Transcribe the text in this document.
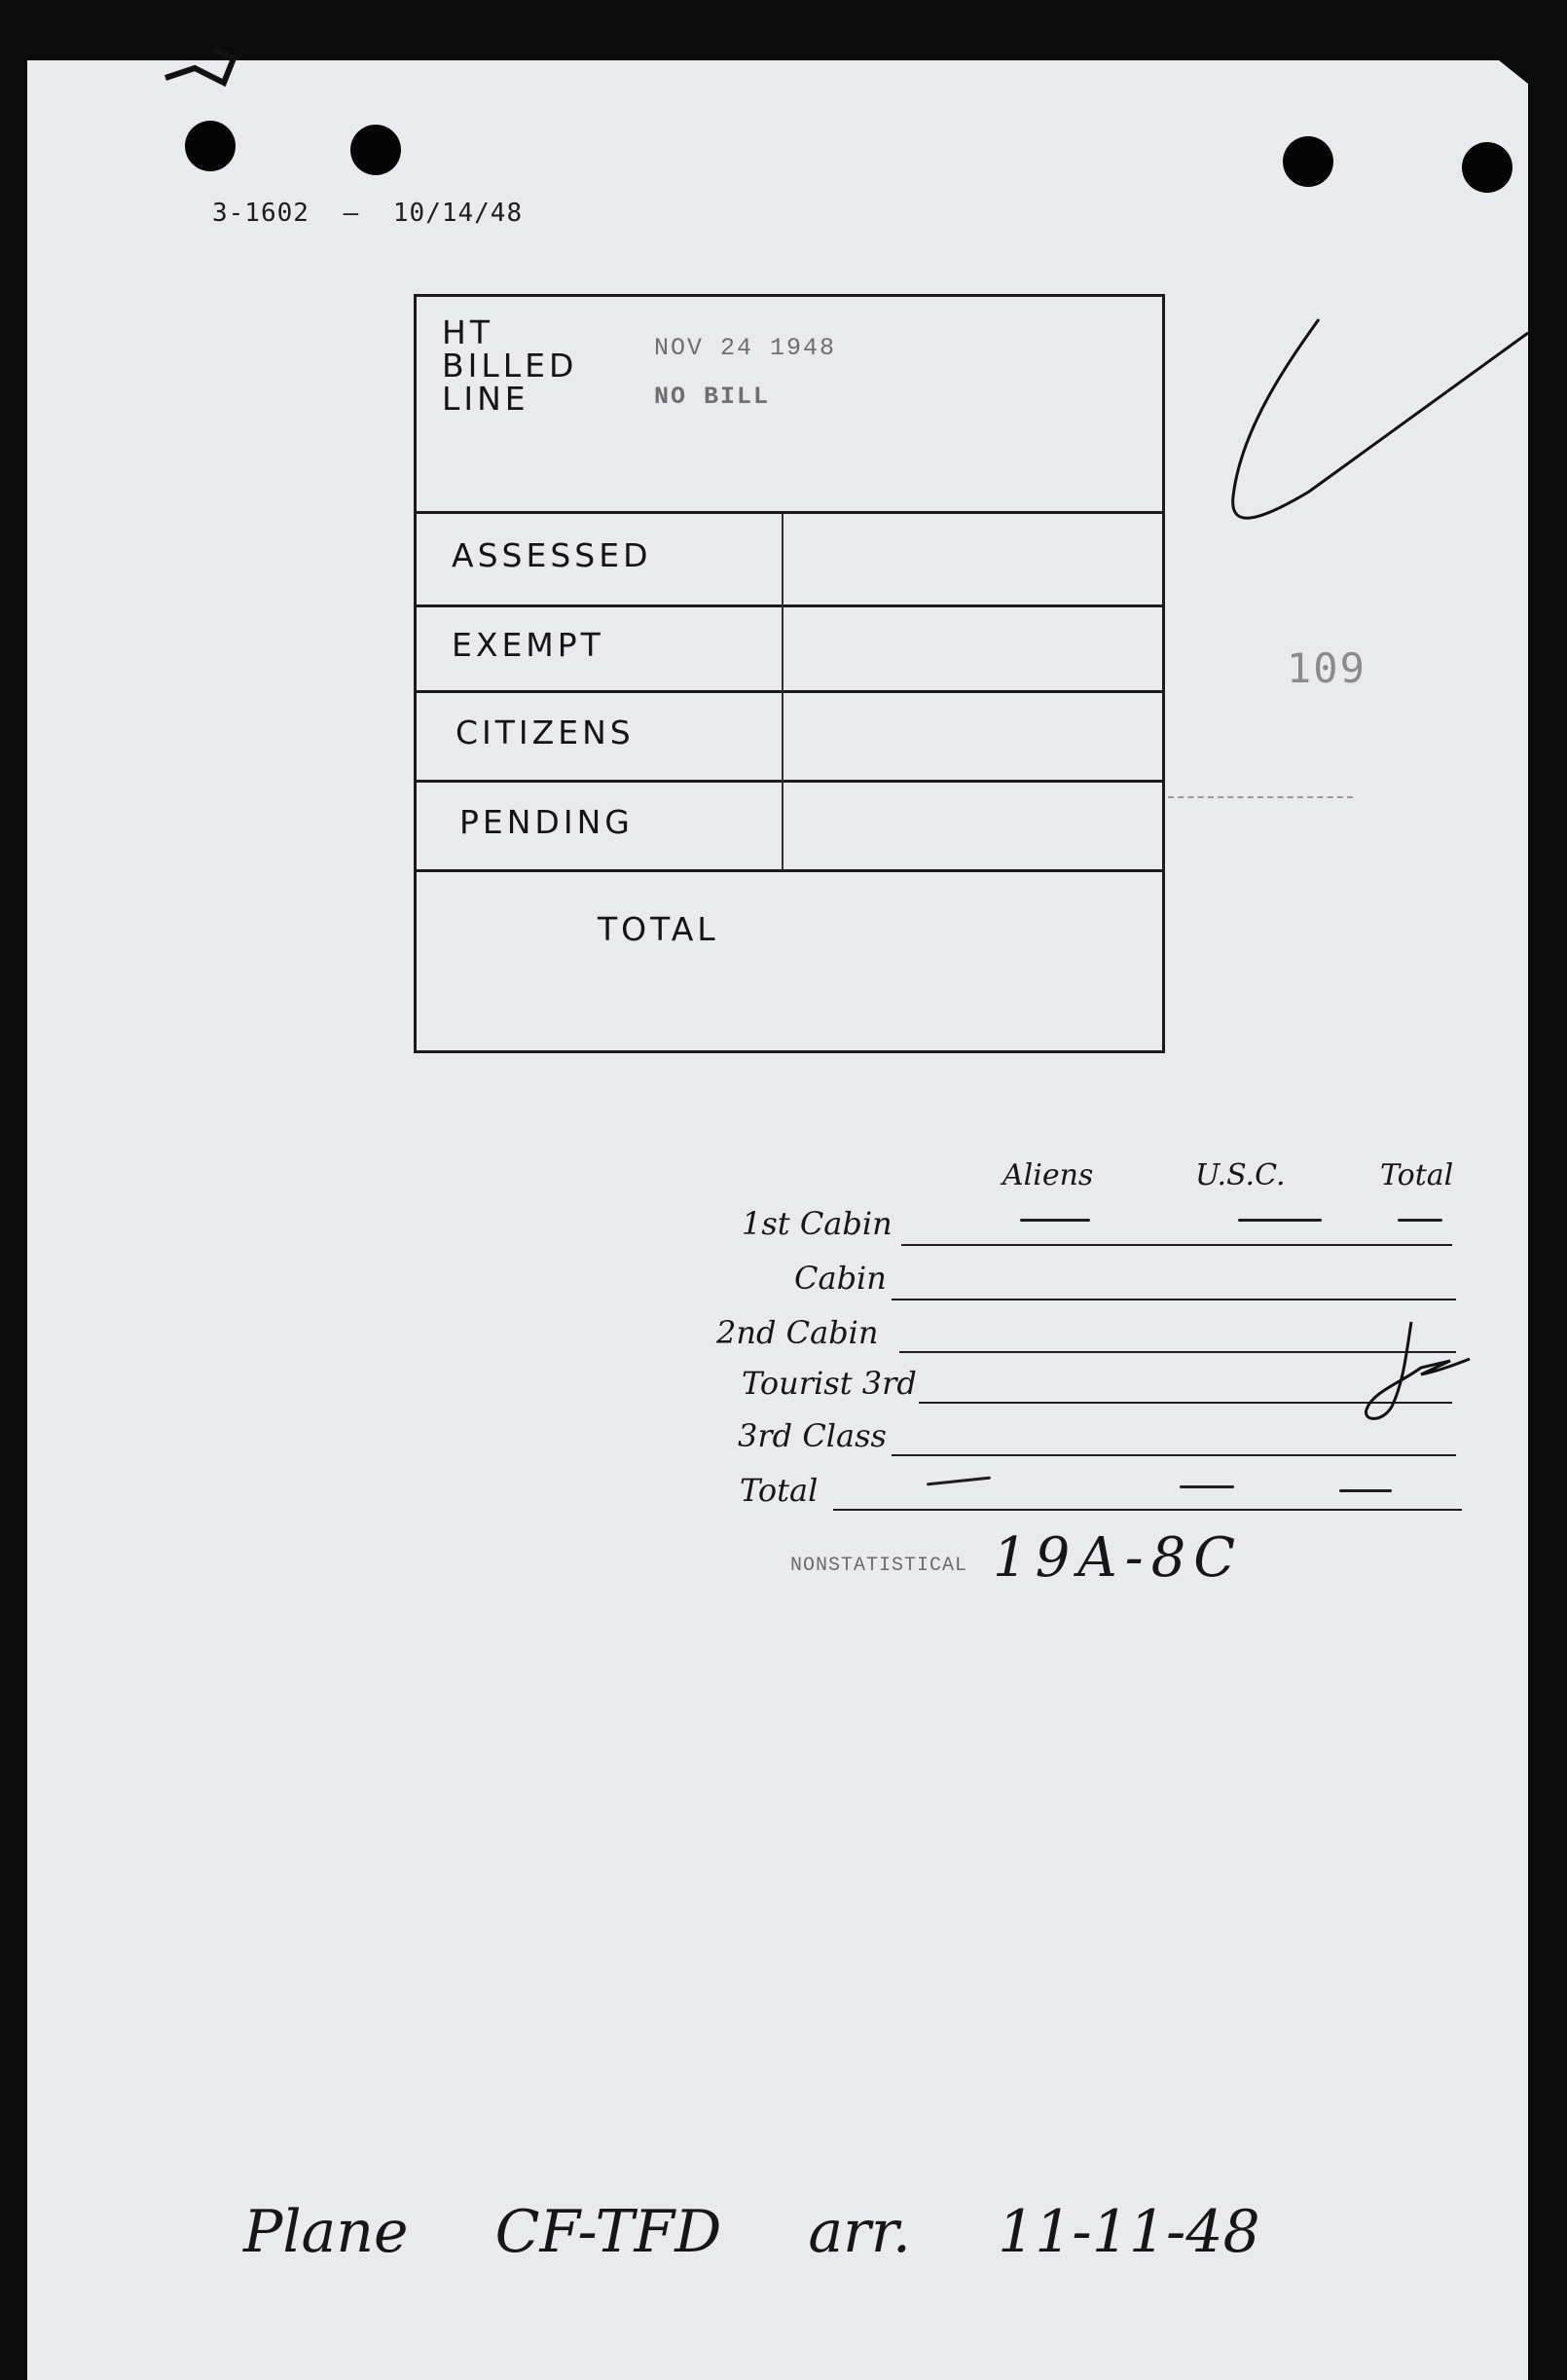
3-1602 — 10/14/48
HT
BILLED
LINE
NOV 24 1948
NO BILL
ASSESSED
EXEMPT
CITIZENS
PENDING
TOTAL
109
Aliens	U.S.C.	Total
1st Cabin
Cabin
2nd Cabin
Tourist 3rd
3rd Class
Total
NONSTATISTICAL 19A-8C
Plane CF-TFD arr. 11-11-48
